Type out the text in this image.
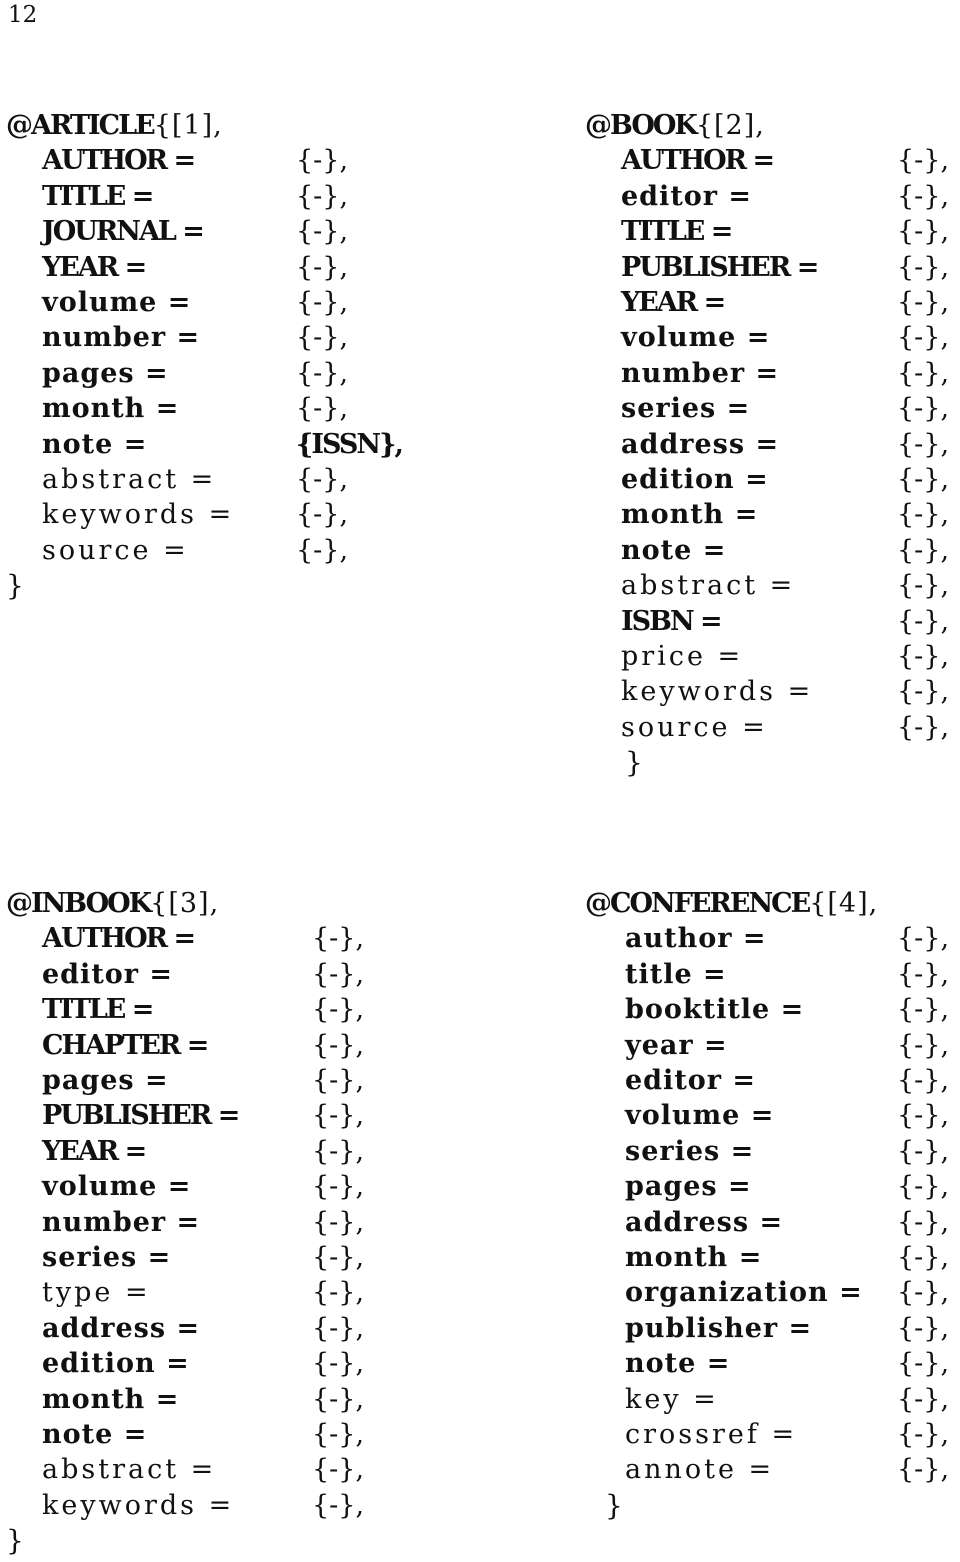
12
@ARTICLE{[1],
AUTHOR =	{-},
TITLE =	{-},
JOURNAL =	{-},
YEAR =	{-},
volume =	{-},
number =	{-},
pages =	{-},
month =	{-},
note =	{ISSN},
abstract =	{-},
keywords = {-},
source =	{-},
}
@BOOK{[2],
AUTHOR =	{-},
editor =	{-},
TITLE =	{-},
PUBLISHER =	{-},
YEAR =	{-},
volume =	{-},
number =	{-},
series =	{-},
address =	{-},
edition =	{-},
month =	{-},
note =	{-},
abstract =	{-},
ISBN =	{-},
price =	{-},
keywords =	{-},
source =	{-},
}
@INBOOK{[3],
AUTHOR =	{-},
editor =	{-},
TITLE =	{-},
CHAPTER =	{-},
pages =	{-},
PUBLISHER =	{-},
YEAR =	{-},
volume =	{-},
number =	{-},
series =	{-},
type =	{-},
address =	{-},
edition =	{-},
month =	{-},
note =	{-},
abstract =	{-},
keywords =	{-},
}
@CONFERENCE{[4],
author =	{-},
title =	{-},
booktitle =	{-},
year =	{-},
editor =	{-},
volume =	{-},
series =	{-},
pages =	{-},
address =	{-},
month =	{-},
organization = {-},
publisher =	{-},
note =	{-},
key =	{-},
crossref =	{-},
annote =	{-},
}
